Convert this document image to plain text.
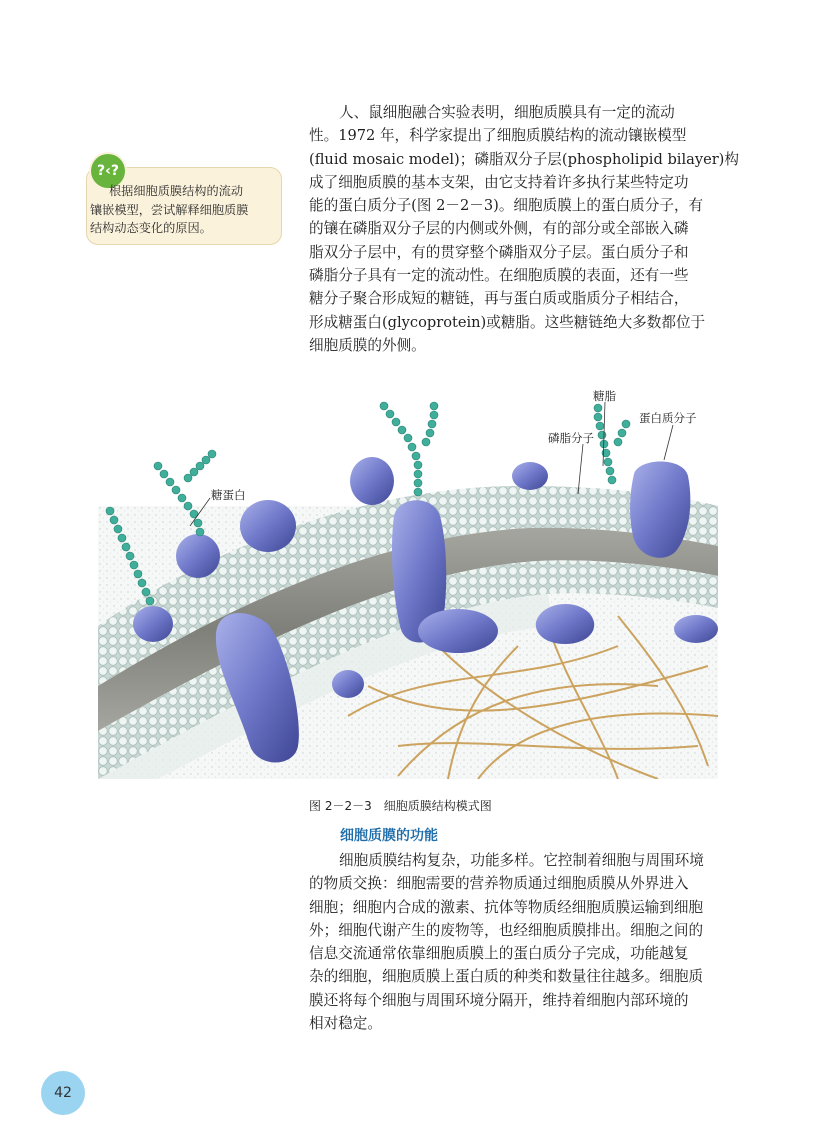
人、鼠细胞融合实验表明，细胞质膜具有一定的流动
性。1972 年，科学家提出了细胞质膜结构的流动镶嵌模型
(fluid mosaic model)；磷脂双分子层(phospholipid bilayer)构
成了细胞质膜的基本支架，由它支持着许多执行某些特定功
能的蛋白质分子(图 2－2－3)。细胞质膜上的蛋白质分子，有
的镶在磷脂双分子层的内侧或外侧，有的部分或全部嵌入磷
脂双分子层中，有的贯穿整个磷脂双分子层。蛋白质分子和
磷脂分子具有一定的流动性。在细胞质膜的表面，还有一些
糖分子聚合形成短的糖链，再与蛋白质或脂质分子相结合，
形成糖蛋白(glycoprotein)或糖脂。这些糖链绝大多数都位于
细胞质膜的外侧。

?‹?

根据细胞质膜结构的流动
镶嵌模型，尝试解释细胞质膜
结构动态变化的原因。

糖脂
蛋白质分子
磷脂分子
糖蛋白
图 2－2－3　细胞质膜结构模式图
细胞质膜的功能

细胞质膜结构复杂，功能多样。它控制着细胞与周围环境
的物质交换：细胞需要的营养物质通过细胞质膜从外界进入
细胞；细胞内合成的激素、抗体等物质经细胞质膜运输到细胞
外；细胞代谢产生的废物等，也经细胞质膜排出。细胞之间的
信息交流通常依靠细胞质膜上的蛋白质分子完成，功能越复
杂的细胞，细胞质膜上蛋白质的种类和数量往往越多。细胞质
膜还将每个细胞与周围环境分隔开，维持着细胞内部环境的
相对稳定。

42
